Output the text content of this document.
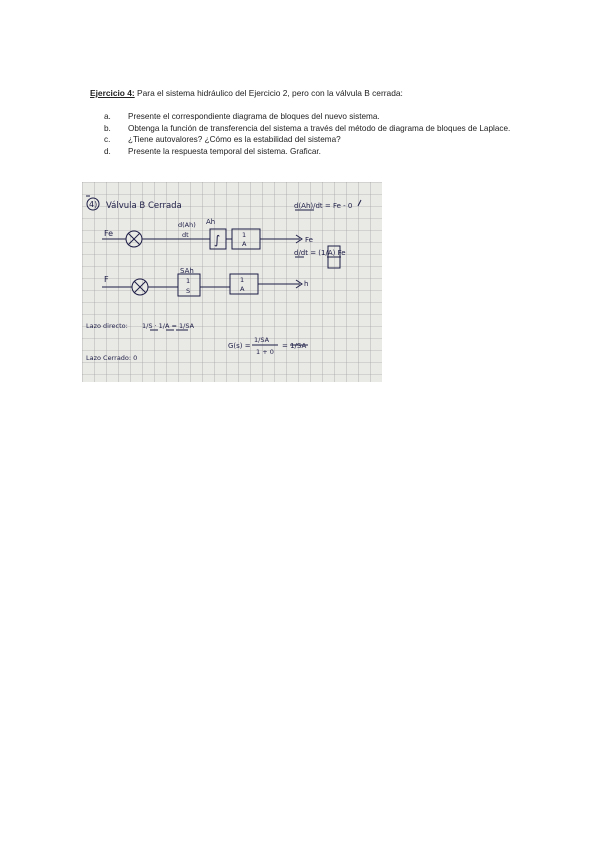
Ejercicio 4: Para el sistema hidráulico del Ejercicio 2, pero con la válvula B cerrada:
a. Presente el correspondiente diagrama de bloques del nuevo sistema.
b. Obtenga la función de transferencia del sistema a través del método de diagrama de bloques de Laplace.
c. ¿Tiene autovalores? ¿Cómo es la estabilidad del sistema?
d. Presente la respuesta temporal del sistema. Graficar.
4) Válvula B Cerrada
Fe
d(Ah)
dt
Ah
∫	1
A	Fe
F
SAh
1
S
1
A
h
d(Ah)/dt = Fe - 0
d/dt = (1/A) Fe
Lazo directo: 1/S · 1/A = 1/SA
G(s) =
1/SA
1 + 0
= 1/SA
Lazo Cerrado: 0
